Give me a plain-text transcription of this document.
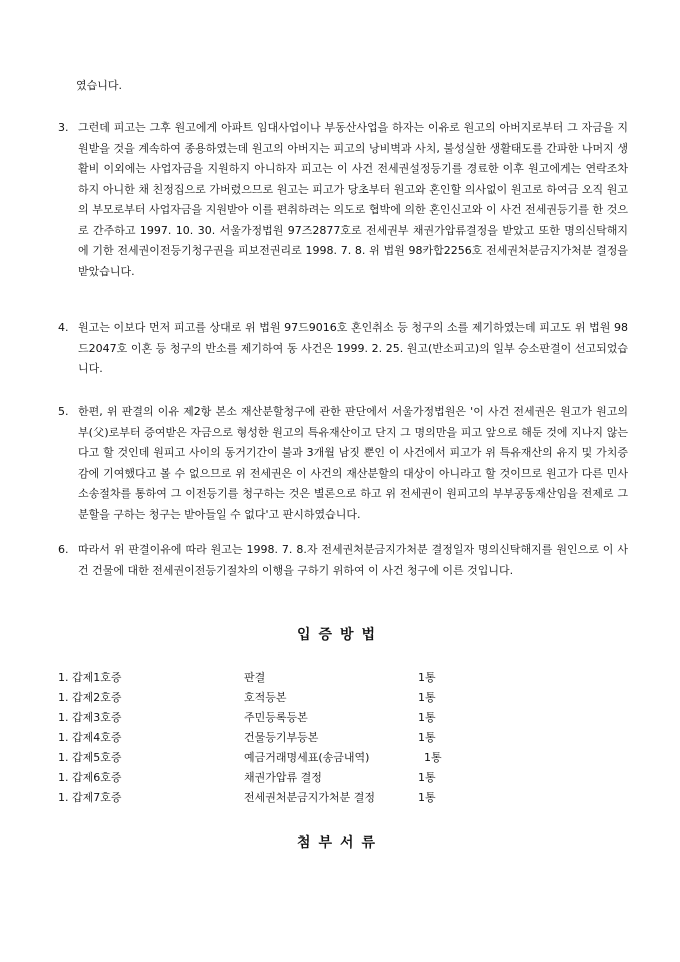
였습니다.
3. 그런데 피고는 그후 원고에게 아파트 임대사업이나 부동산사업을 하자는 이유로 원고의 아버지로부터 그 자금을 지원받을 것을 계속하여 종용하였는데 원고의 아버지는 피고의 낭비벽과 사치, 불성실한 생활태도를 간파한 나머지 생활비 이외에는 사업자금을 지원하지 아니하자 피고는 이 사건 전세권설정등기를 경료한 이후 원고에게는 연락조차 하지 아니한 채 친정집으로 가버렸으므로 원고는 피고가 당초부터 원고와 혼인할 의사없이 원고로 하여금 오직 원고의 부모로부터 사업자금을 지원받아 이를 편취하려는 의도로 협박에 의한 혼인신고와 이 사건 전세권등기를 한 것으로 간주하고 1997. 10. 30. 서울가정법원 97즈2877호로 전세권부 채권가압류결정을 받았고 또한 명의신탁해지에 기한 전세권이전등기청구권을 피보전권리로 1998. 7. 8. 위 법원 98카합2256호 전세권처분금지가처분 결정을 받았습니다.
4. 원고는 이보다 먼저 피고를 상대로 위 법원 97드9016호 혼인취소 등 청구의 소를 제기하였는데 피고도 위 법원 98드2047호 이혼 등 청구의 반소를 제기하여 동 사건은 1999. 2. 25. 원고(반소피고)의 일부 승소판결이 선고되었습니다.
5. 한편, 위 판결의 이유 제2항 본소 재산분할청구에 관한 판단에서 서울가정법원은 '이 사건 전세권은 원고가 원고의 부(父)로부터 증여받은 자금으로 형성한 원고의 특유재산이고 단지 그 명의만을 피고 앞으로 해둔 것에 지나지 않는다고 할 것인데 원피고 사이의 동거기간이 불과 3개월 남짓 뿐인 이 사건에서 피고가 위 특유재산의 유지 및 가치증감에 기여했다고 볼 수 없으므로 위 전세권은 이 사건의 재산분할의 대상이 아니라고 할 것이므로 원고가 다른 민사소송절차를 통하여 그 이전등기를 청구하는 것은 별론으로 하고 위 전세권이 원피고의 부부공동재산임을 전제로 그 분할을 구하는 청구는 받아들일 수 없다'고 판시하였습니다.
6. 따라서 위 판결이유에 따라 원고는 1998. 7. 8.자 전세권처분금지가처분 결정일자 명의신탁해지를 원인으로 이 사건 건물에 대한 전세권이전등기절차의 이행을 구하기 위하여 이 사건 청구에 이른 것입니다.
입증방법
1. 갑제1호증	판결	1통
1. 갑제2호증	호적등본	1통
1. 갑제3호증	주민등록등본	1통
1. 갑제4호증	건물등기부등본	1통
1. 갑제5호증	예금거래명세표(송금내역)	1통
1. 갑제6호증	채권가압류 결정	1통
1. 갑제7호증	전세권처분금지가처분 결정	1통
첨부서류
